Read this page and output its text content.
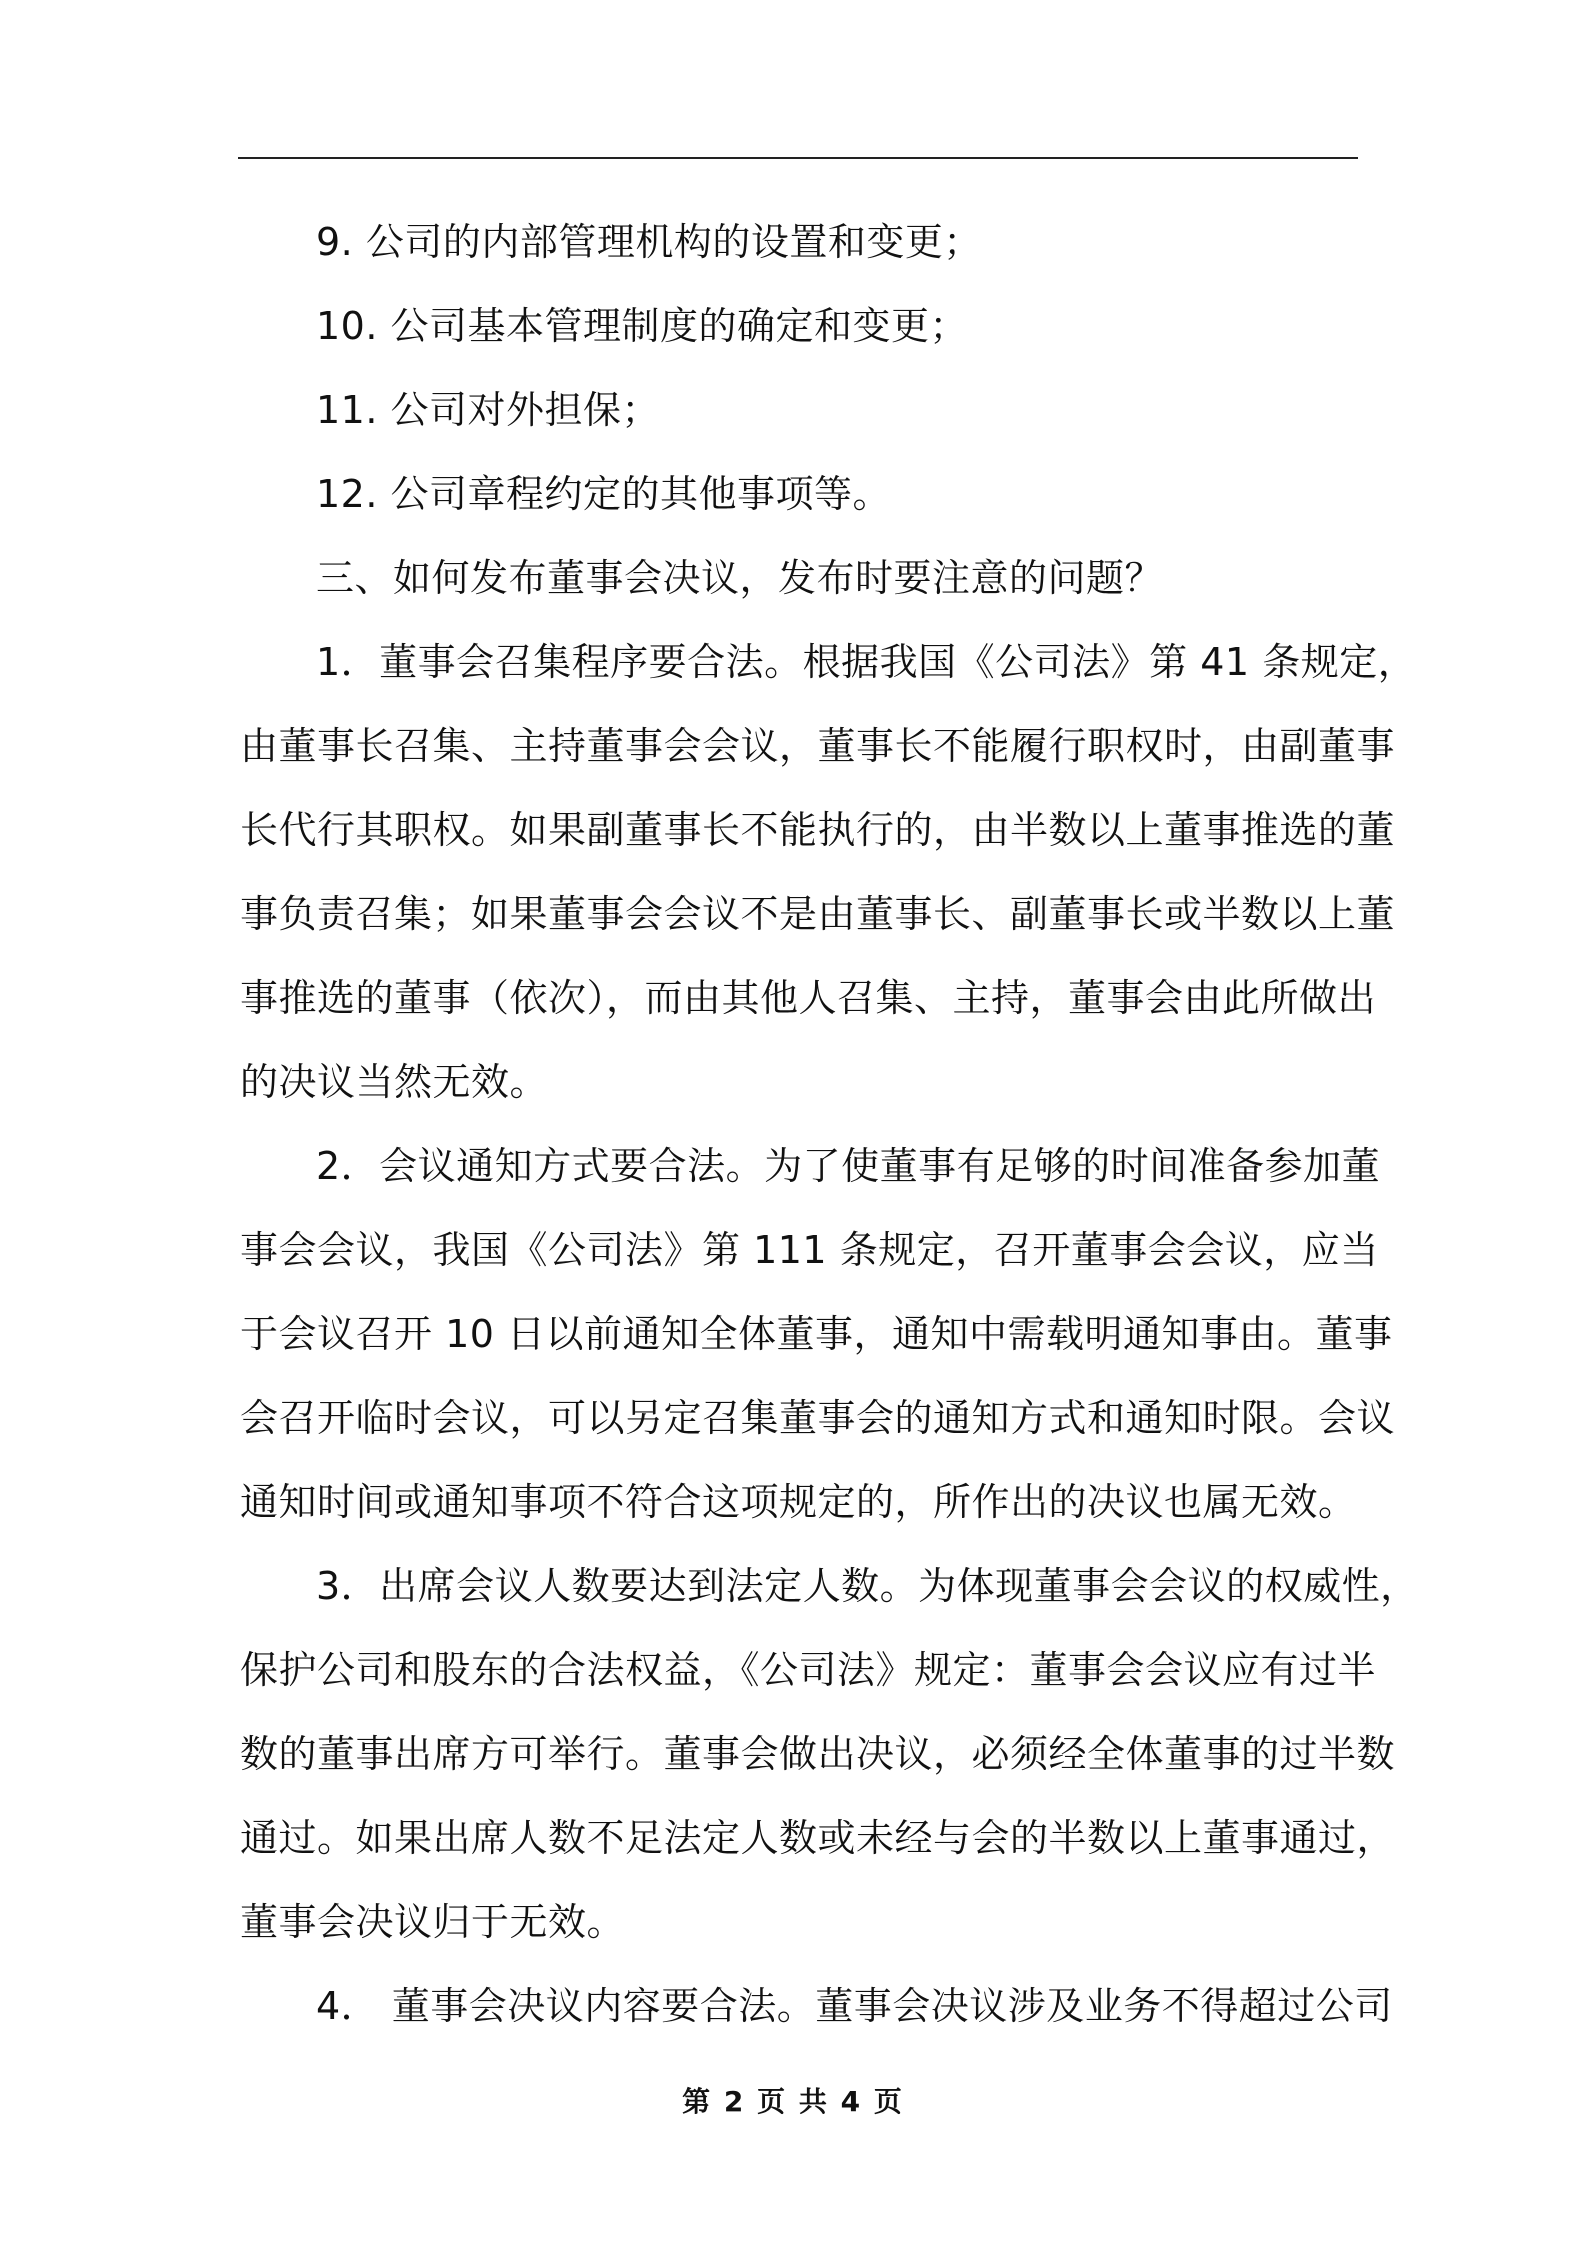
9. 公司的内部管理机构的设置和变更；
10. 公司基本管理制度的确定和变更；
11. 公司对外担保；
12. 公司章程约定的其他事项等。
三、如何发布董事会决议，发布时要注意的问题？
1．董事会召集程序要合法。根据我国《公司法》第 41 条规定，
由董事长召集、主持董事会会议，董事长不能履行职权时，由副董事
长代行其职权。如果副董事长不能执行的，由半数以上董事推选的董
事负责召集；如果董事会会议不是由董事长、副董事长或半数以上董
事推选的董事（依次），而由其他人召集、主持，董事会由此所做出
的决议当然无效。
2．会议通知方式要合法。为了使董事有足够的时间准备参加董
事会会议，我国《公司法》第 111 条规定，召开董事会会议，应当
于会议召开 10 日以前通知全体董事，通知中需载明通知事由。董事
会召开临时会议，可以另定召集董事会的通知方式和通知时限。会议
通知时间或通知事项不符合这项规定的，所作出的决议也属无效。
3．出席会议人数要达到法定人数。为体现董事会会议的权威性，
保护公司和股东的合法权益，《公司法》规定：董事会会议应有过半
数的董事出席方可举行。董事会做出决议，必须经全体董事的过半数
通过。如果出席人数不足法定人数或未经与会的半数以上董事通过，
董事会决议归于无效。
4． 董事会决议内容要合法。董事会决议涉及业务不得超过公司
第 2 页 共 4 页
